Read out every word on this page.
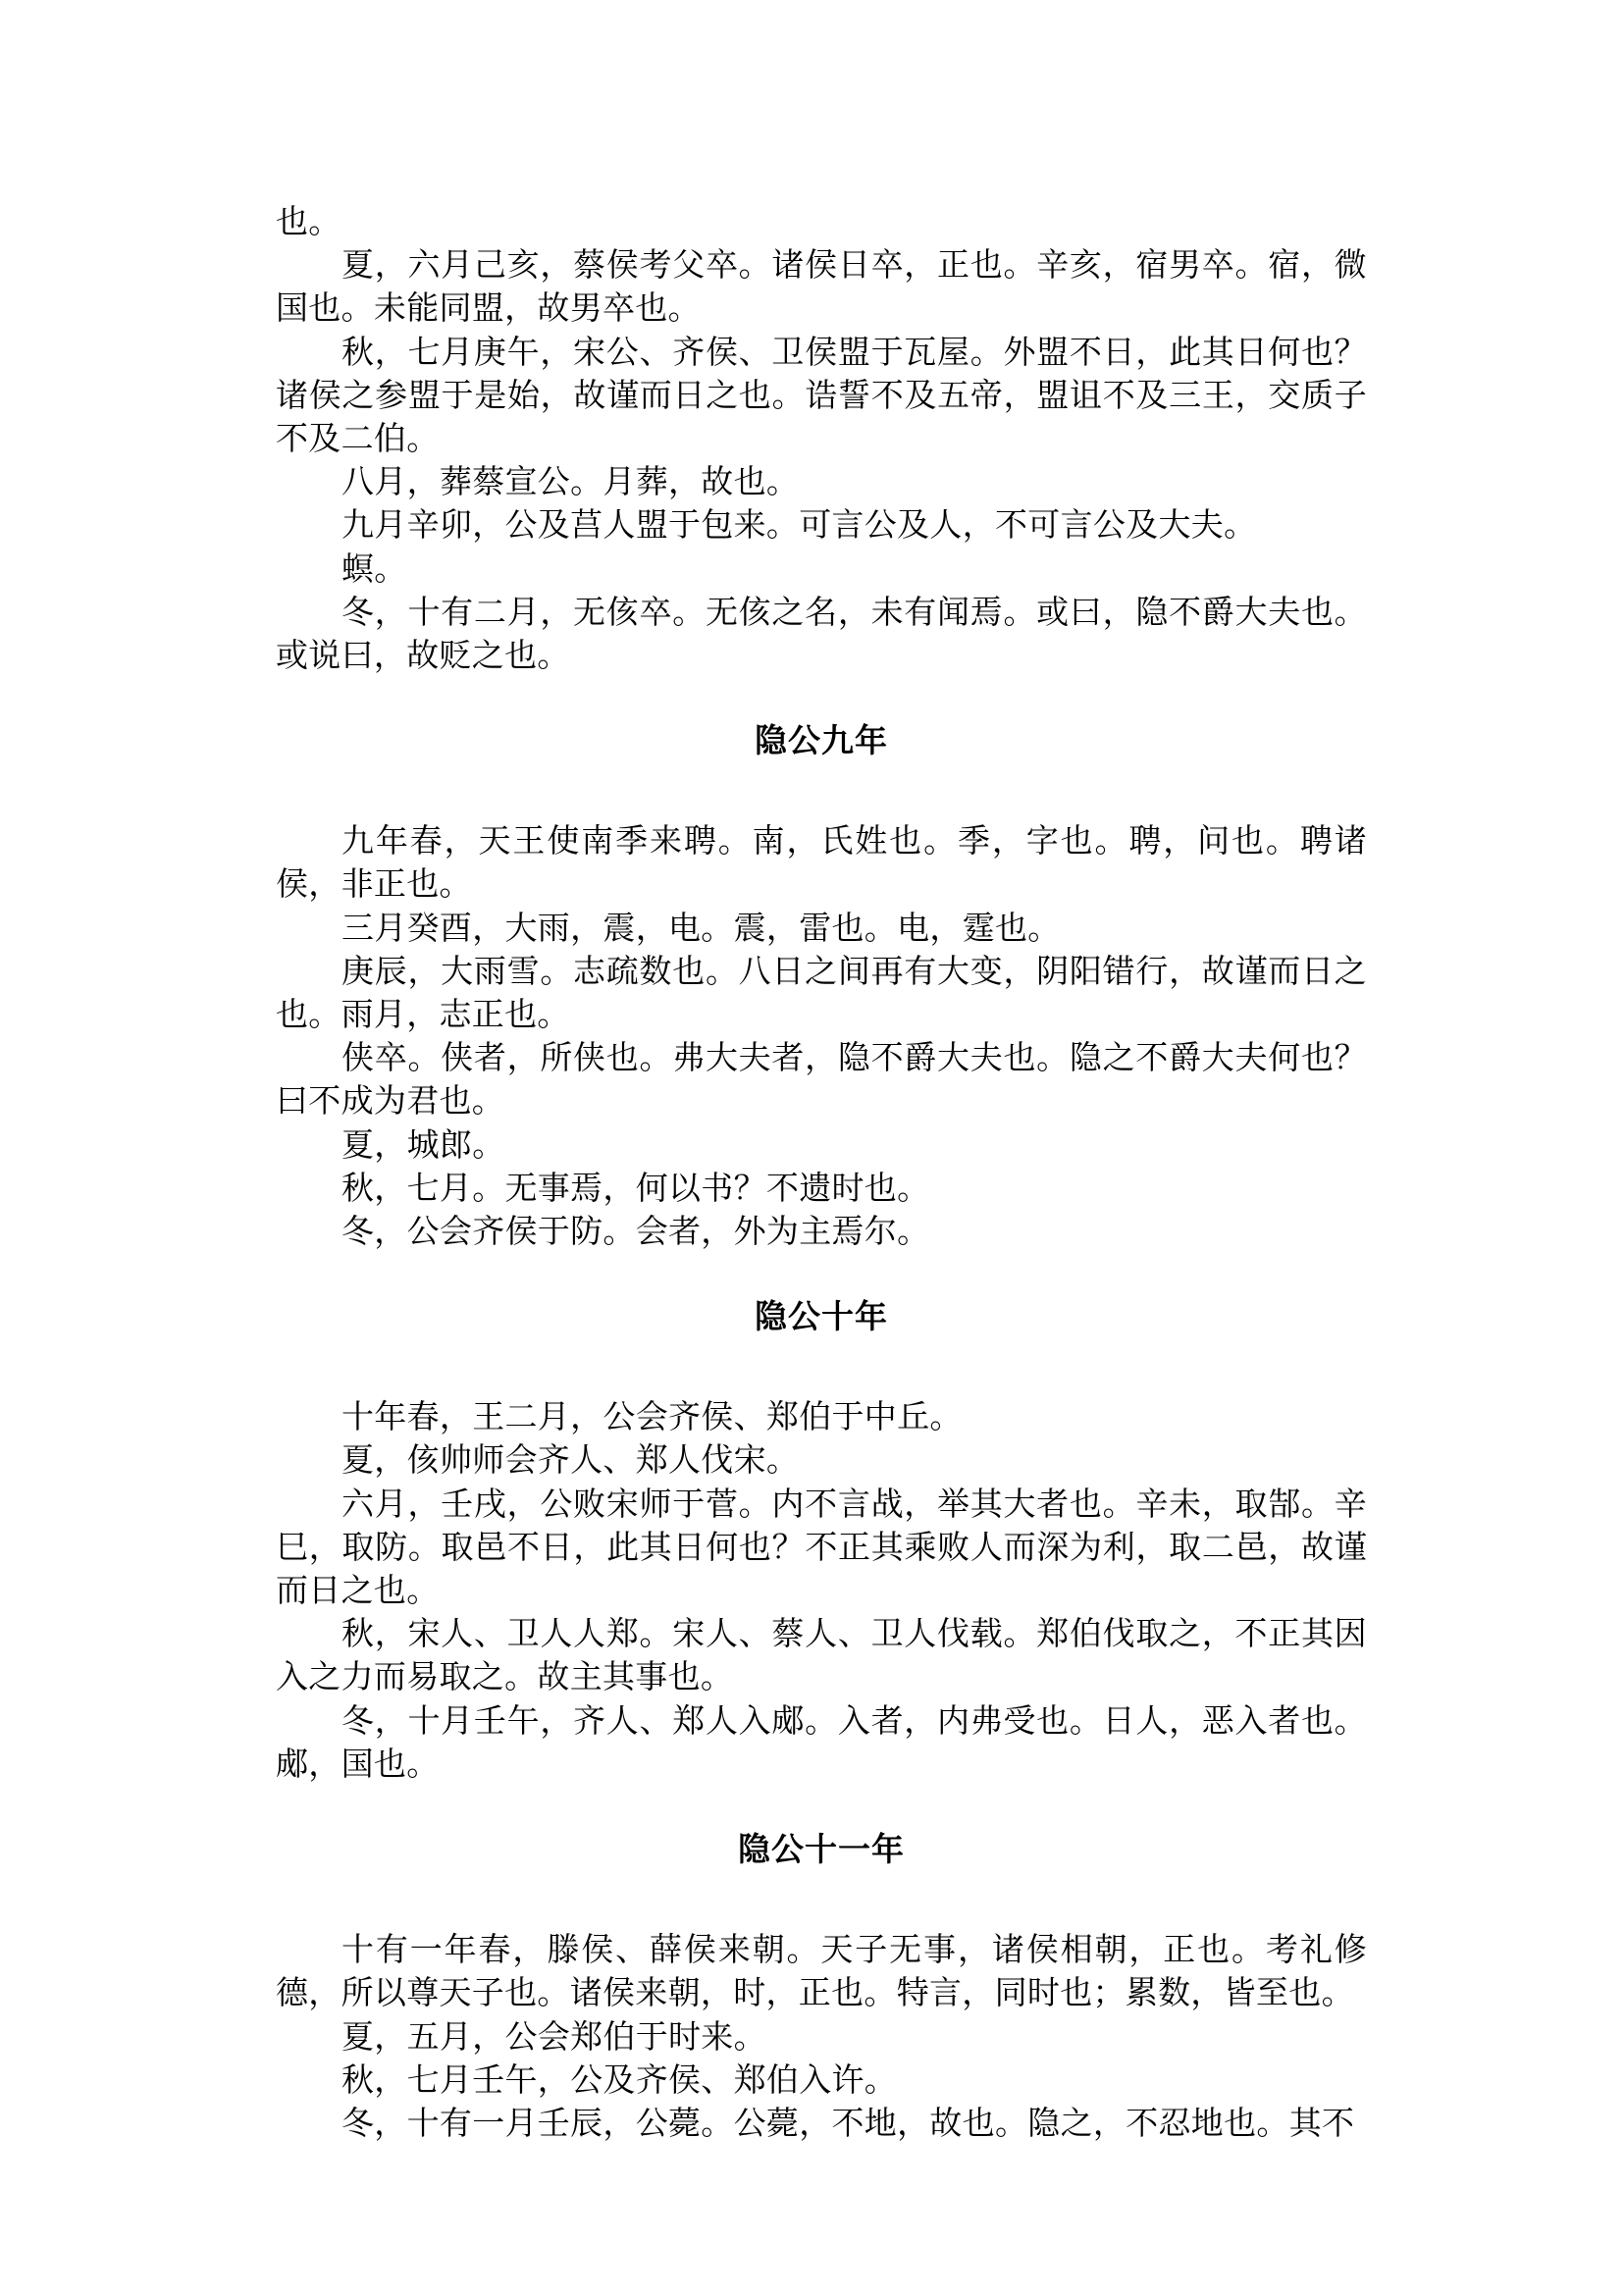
也。

夏，六月己亥，蔡侯考父卒。诸侯日卒，正也。辛亥，宿男卒。宿，微国也。未能同盟，故男卒也。

秋，七月庚午，宋公、齐侯、卫侯盟于瓦屋。外盟不日，此其日何也？诸侯之参盟于是始，故谨而日之也。诰誓不及五帝，盟诅不及三王，交质子不及二伯。

八月，葬蔡宣公。月葬，故也。

九月辛卯，公及莒人盟于包来。可言公及人，不可言公及大夫。

螟。

冬，十有二月，无侅卒。无侅之名，未有闻焉。或曰，隐不爵大夫也。或说曰，故贬之也。

隐公九年

九年春，天王使南季来聘。南，氏姓也。季，字也。聘，问也。聘诸侯，非正也。

三月癸酉，大雨，震，电。震，雷也。电，霆也。

庚辰，大雨雪。志疏数也。八日之间再有大变，阴阳错行，故谨而日之也。雨月，志正也。

侠卒。侠者，所侠也。弗大夫者，隐不爵大夫也。隐之不爵大夫何也？曰不成为君也。

夏，城郎。

秋，七月。无事焉，何以书？不遗时也。

冬，公会齐侯于防。会者，外为主焉尔。

隐公十年

十年春，王二月，公会齐侯、郑伯于中丘。

夏，侅帅师会齐人、郑人伐宋。

六月，壬戌，公败宋师于菅。内不言战，举其大者也。辛未，取郜。辛巳，取防。取邑不日，此其日何也？不正其乘败人而深为利，取二邑，故谨而日之也。

秋，宋人、卫人人郑。宋人、蔡人、卫人伐载。郑伯伐取之，不正其因入之力而易取之。故主其事也。

冬，十月壬午，齐人、郑人入郕。入者，内弗受也。日人，恶入者也。郕，国也。

隐公十一年

十有一年春，滕侯、薛侯来朝。天子无事，诸侯相朝，正也。考礼修德，所以尊天子也。诸侯来朝，时，正也。特言，同时也；累数，皆至也。

夏，五月，公会郑伯于时来。

秋，七月壬午，公及齐侯、郑伯入许。

冬，十有一月壬辰，公薨。公薨，不地，故也。隐之，不忍地也。其不
